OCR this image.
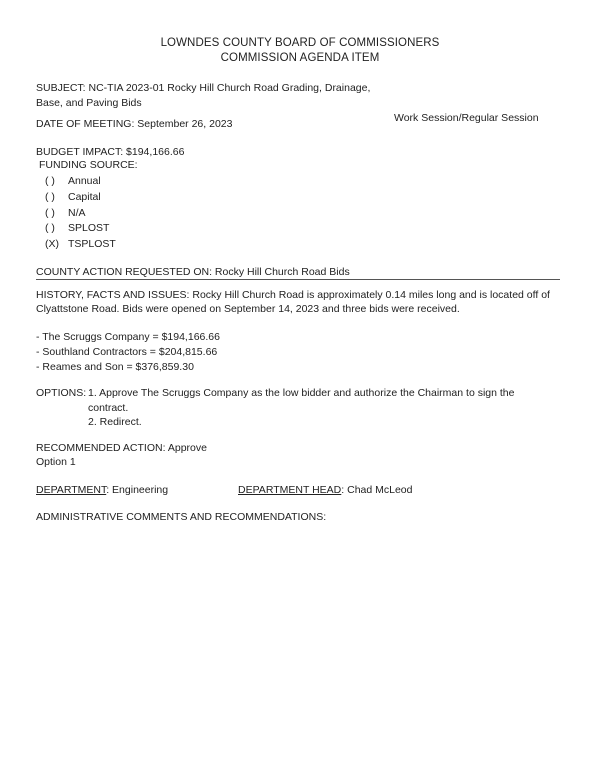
LOWNDES COUNTY BOARD OF COMMISSIONERS
COMMISSION AGENDA ITEM
SUBJECT: NC-TIA 2023-01 Rocky Hill Church Road Grading, Drainage,
Base, and Paving Bids
DATE OF MEETING: September 26, 2023	Work Session/Regular Session
BUDGET IMPACT: $194,166.66
FUNDING SOURCE:
( ) Annual
( ) Capital
( ) N/A
( ) SPLOST
(X) TSPLOST
COUNTY ACTION REQUESTED ON: Rocky Hill Church Road Bids
HISTORY, FACTS AND ISSUES: Rocky Hill Church Road is approximately 0.14 miles long and is located off of
Clyattstone Road. Bids were opened on September 14, 2023 and three bids were received.
- The Scruggs Company = $194,166.66
- Southland Contractors = $204,815.66
- Reames and Son = $376,859.30
OPTIONS: 1. Approve The Scruggs Company as the low bidder and authorize the Chairman to sign the
contract.
2. Redirect.
RECOMMENDED ACTION: Approve
Option 1
DEPARTMENT: Engineering	DEPARTMENT HEAD: Chad McLeod
ADMINISTRATIVE COMMENTS AND RECOMMENDATIONS:
